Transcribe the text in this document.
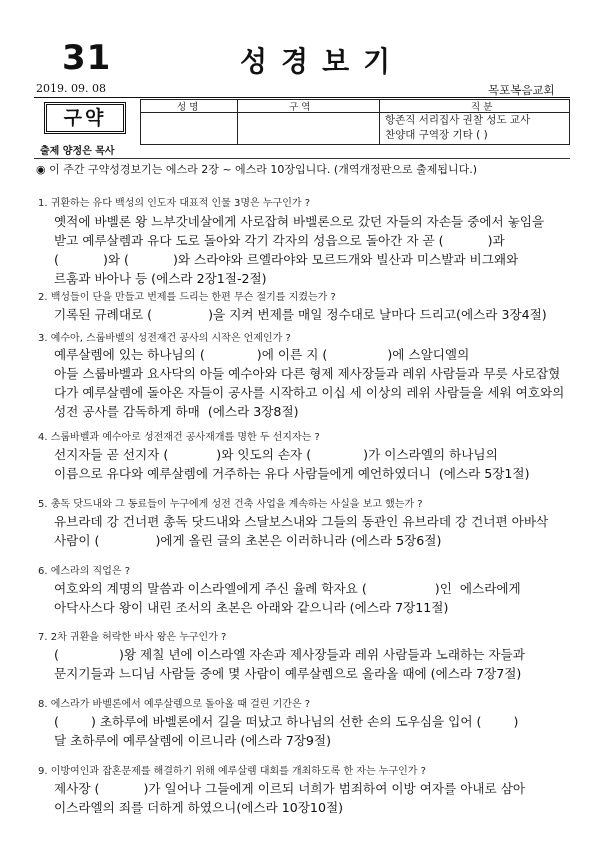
31	성경보기
2019. 09. 08	목포복음교회
구약
출제 양정은 목사
성 명	구 역	직 분
항존직 서리집사 권찰 성도 교사
찬양대 구역장 기타 ( )
◉ 이 주간 구약성경보기는 에스라 2장 ~ 에스라 10장입니다. (개역개정판으로 출제됩니다.)
1. 귀환하는 유다 백성의 인도자 대표적 인물 3명은 누구인가 ?
옛적에 바벨론 왕 느부갓네살에게 사로잡혀 바벨론으로 갔던 자들의 자손들 중에서 놓임을
받고 예루살렘과 유다 도로 돌아와 각기 각자의 성읍으로 돌아간 자 곧 (           )과
(           )와 (           )와 스라야와 르엘라야와 모르드개와 빌산과 미스발과 비그왜와
르훔과 바아나 등 (에스라 2장1절-2절)
2. 백성들이 단을 만들고 번제를 드리는 한편 무슨 절기를 지켰는가 ?
기록된 규례대로 (              )을 지켜 번제를 매일 정수대로 날마다 드리고(에스라 3장4절)
3. 예수아, 스룹바벨의 성전재건 공사의 시작은 언제인가 ?
예루살렘에 있는 하나님의 (             )에 이른 지 (               )에 스알디엘의
아들 스룹바벨과 요사닥의 아들 예수아와 다른 형제 제사장들과 레위 사람들과 무릇 사로잡혔
다가 예루살렘에 돌아온 자들이 공사를 시작하고 이십 세 이상의 레위 사람들을 세워 여호와의
성전 공사를 감독하게 하매  (에스라 3장8절)
4. 스룹바벨과 예수아로 성전재건 공사재개를 명한 두 선지자는 ?
선지자들 곧 선지자 (            )와 잇도의 손자 (             )가 이스라엘의 하나님의
이름으로 유다와 예루살렘에 거주하는 유다 사람들에게 예언하였더니  (에스라 5장1절)
5. 총독 닷드내와 그 동료들이 누구에게 성전 건축 사업을 계속하는 사실을 보고 했는가 ?
유브라데 강 건너편 총독 닷드내와 스달보스내와 그들의 동관인 유브라데 강 건너편 아바삭
사람이 (              )에게 올린 글의 초본은 이러하니라 (에스라 5장6절)
6. 에스라의 직업은 ?
여호와의 계명의 말씀과 이스라엘에게 주신 율례 학자요 (                 )인  에스라에게
아닥사스다 왕이 내린 조서의 초본은 아래와 같으니라 (에스라 7장11절)
7. 2차 귀환을 허락한 바사 왕은 누구인가 ?
(               )왕 제칠 년에 이스라엘 자손과 제사장들과 레위 사람들과 노래하는 자들과
문지기들과 느디님 사람들 중에 몇 사람이 예루살렘으로 올라올 때에 (에스라 7장7절)
8. 에스라가 바벨론에서 예루살렘으로 돌아올 때 걸린 기간은 ?
(        ) 초하루에 바벨론에서 길을 떠났고 하나님의 선한 손의 도우심을 입어 (        )
달 초하루에 예루살렘에 이르니라 (에스라 7장9절)
9. 이방여인과 잡혼문제를 해결하기 위해 예루살렘 대회를 개최하도록 한 자는 누구인가 ?
제사장 (           )가 일어나 그들에게 이르되 너희가 범죄하여 이방 여자를 아내로 삼아
이스라엘의 죄를 더하게 하였으니(에스라 10장10절)
